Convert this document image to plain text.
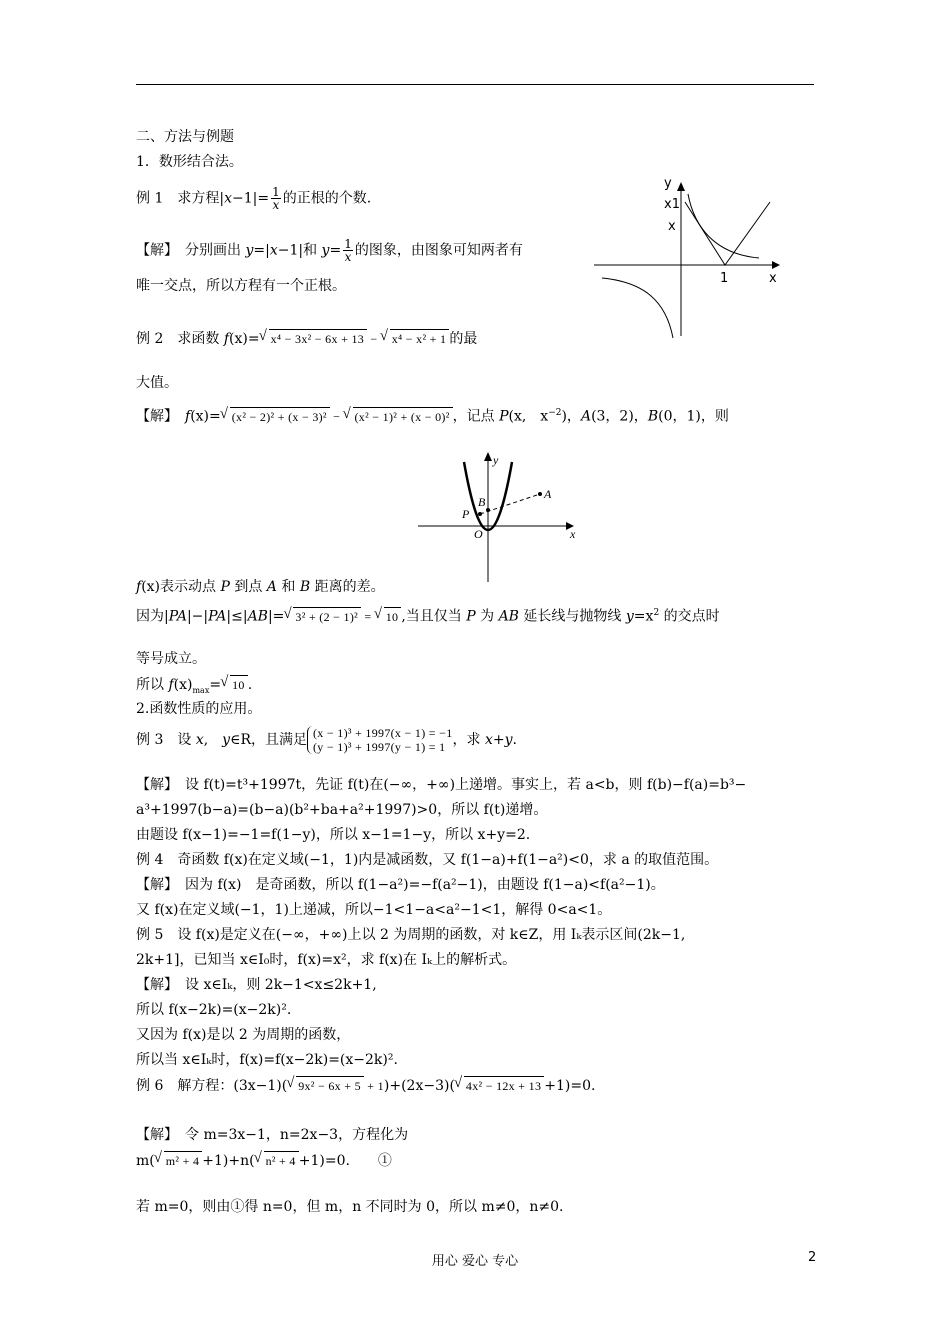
二、方法与例题
1．数形结合法。
例 1　求方程$|x-1|= \frac{1}{x}$ 的正根的个数.
【解】　分别画出 y=|x−1|和 $y= \frac{1}{x}$ 的图象，由图象可知两者有
唯一交点，所以方程有一个正根。
y
x1
x
1	x
例 2　求函数 f(x)=√ x⁴ − 3x² − 6x + 13 − √ x⁴ − x² + 1 的最
大值。
【解】　f(x)=√ (x² − 2)² + (x − 3)² − √ (x² − 1)² + (x − 0)² ，记点 P(x,　$x^{-2}$)，A(3，2)，B(0，1)，则
y
x
O
A
B
P
f(x)表示动点 P 到点 A 和 B 距离的差。
因为|PA|−|PA|≤|AB|=√ 3² + (2 − 1)² = √ 10 ,当且仅当 P 为 AB 延长线与抛物线 $y=x^2$ 的交点时
等号成立。
所以 $f(x)_{max}=√$ 10 .
2.函数性质的应用。
例 3　设 x,　y∈R，且满足 (x − 1)³ + 1997(x − 1) = −1
(y − 1)³ + 1997(y − 1) = 1 ，求 x+y.
【解】　设 f(t)=t³+1997t，先证 f(t)在(−∞，+∞)上递增。事实上，若 a<b，则 f(b)−f(a)=b³−
a³+1997(b−a)=(b−a)(b²+ba+a²+1997)>0，所以 f(t)递增。
由题设 f(x−1)=−1=f(1−y)，所以 x−1=1−y，所以 x+y=2.
例 4　奇函数 f(x)在定义域(−1，1)内是减函数，又 f(1−a)+f(1−a²)<0，求 a 的取值范围。
【解】　因为 f(x)　是奇函数，所以 f(1−a²)=−f(a²−1)，由题设 f(1−a)<f(a²−1)。
又 f(x)在定义域(−1，1)上递减，所以−1<1−a<a²−1<1，解得 0<a<1。
例 5　设 f(x)是定义在(−∞，+∞)上以 2 为周期的函数，对 k∈Z，用 Iₖ表示区间(2k−1,
2k+1]，已知当 x∈I₀时，f(x)=x²，求 f(x)在 Iₖ上的解析式。
【解】　设 x∈Iₖ，则 2k−1<x≤2k+1,
所以 f(x−2k)=(x−2k)².
又因为 f(x)是以 2 为周期的函数，
所以当 x∈Iₖ时，f(x)=f(x−2k)=(x−2k)².
例 6　解方程：(3x−1)(√ 9x² − 6x + 5 + 1)+(2x−3)(√ 4x² − 12x + 13 +1)=0.
【解】　令 m=3x−1，n=2x−3，方程化为
m(√ m² + 4 +1)+n(√ n² + 4 +1)=0.　　①
若 m=0，则由①得 n=0，但 m，n 不同时为 0，所以 m≠0，n≠0.
用心 爱心 专心	2
